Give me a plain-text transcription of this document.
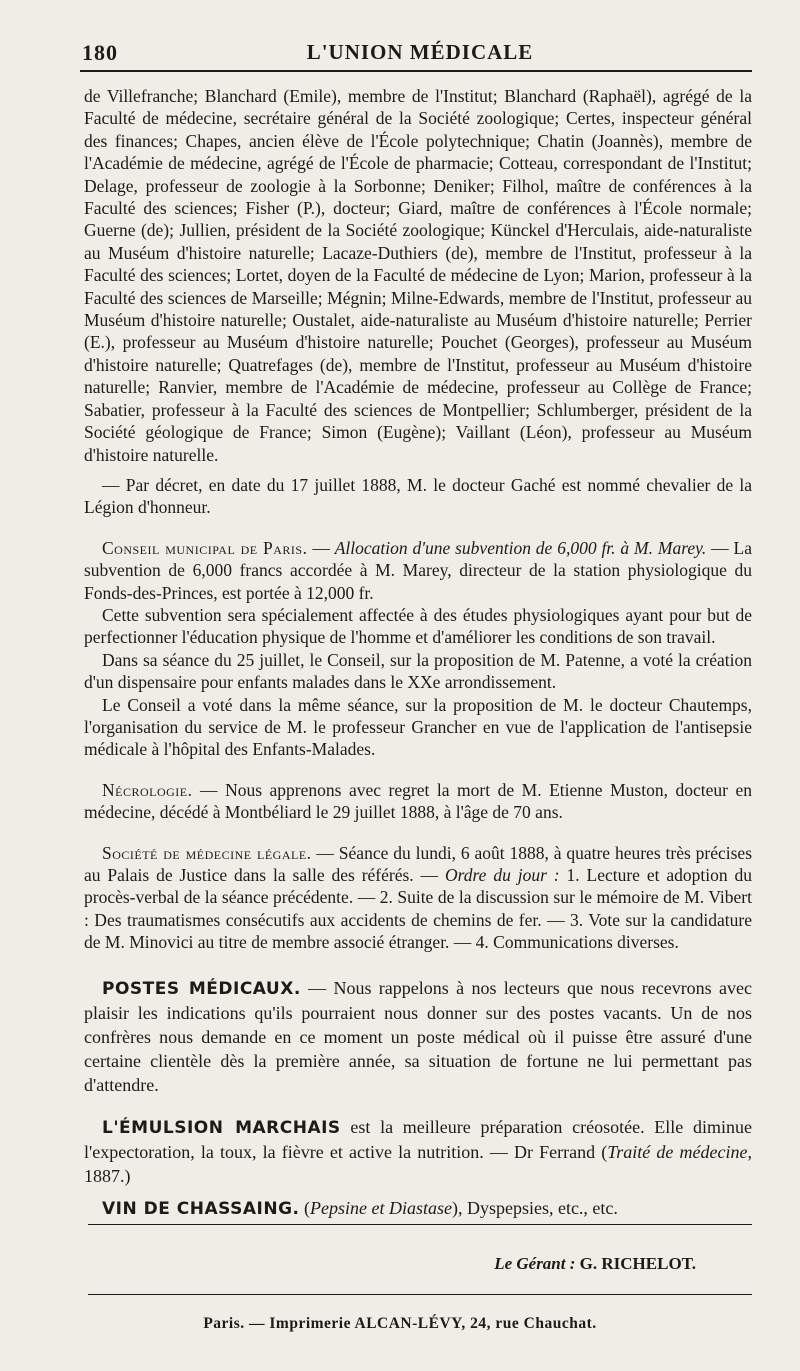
180	L'UNION MÉDICALE

de Villefranche; Blanchard (Emile), membre de l'Institut; Blanchard (Raphaël), agrégé de la Faculté de médecine, secrétaire général de la Société zoologique; Certes, inspecteur général des finances; Chapes, ancien élève de l'École polytechnique; Chatin (Joannès), membre de l'Académie de médecine, agrégé de l'École de pharmacie; Cotteau, correspondant de l'Institut; Delage, professeur de zoologie à la Sorbonne; Deniker; Filhol, maître de conférences à la Faculté des sciences; Fisher (P.), docteur; Giard, maître de conférences à l'École normale; Guerne (de); Jullien, président de la Société zoologique; Künckel d'Herculais, aide-naturaliste au Muséum d'histoire naturelle; Lacaze-Duthiers (de), membre de l'Institut, professeur à la Faculté des sciences; Lortet, doyen de la Faculté de médecine de Lyon; Marion, professeur à la Faculté des sciences de Marseille; Mégnin; Milne-Edwards, membre de l'Institut, professeur au Muséum d'histoire naturelle; Oustalet, aide-naturaliste au Muséum d'histoire naturelle; Perrier (E.), professeur au Muséum d'histoire naturelle; Pouchet (Georges), professeur au Muséum d'histoire naturelle; Quatrefages (de), membre de l'Institut, professeur au Muséum d'histoire naturelle; Ranvier, membre de l'Académie de médecine, professeur au Collège de France; Sabatier, professeur à la Faculté des sciences de Montpellier; Schlumberger, président de la Société géologique de France; Simon (Eugène); Vaillant (Léon), professeur au Muséum d'histoire naturelle.

— Par décret, en date du 17 juillet 1888, M. le docteur Gaché est nommé chevalier de la Légion d'honneur.

Conseil municipal de Paris. — Allocation d'une subvention de 6,000 fr. à M. Marey. — La subvention de 6,000 francs accordée à M. Marey, directeur de la station physiologique du Fonds-des-Princes, est portée à 12,000 fr.

Cette subvention sera spécialement affectée à des études physiologiques ayant pour but de perfectionner l'éducation physique de l'homme et d'améliorer les conditions de son travail.

Dans sa séance du 25 juillet, le Conseil, sur la proposition de M. Patenne, a voté la création d'un dispensaire pour enfants malades dans le XXe arrondissement.

Le Conseil a voté dans la même séance, sur la proposition de M. le docteur Chautemps, l'organisation du service de M. le professeur Grancher en vue de l'application de l'antisepsie médicale à l'hôpital des Enfants-Malades.

Nécrologie. — Nous apprenons avec regret la mort de M. Etienne Muston, docteur en médecine, décédé à Montbéliard le 29 juillet 1888, à l'âge de 70 ans.

Société de médecine légale. — Séance du lundi, 6 août 1888, à quatre heures très précises au Palais de Justice dans la salle des référés. — Ordre du jour : 1. Lecture et adoption du procès-verbal de la séance précédente. — 2. Suite de la discussion sur le mémoire de M. Vibert : Des traumatismes consécutifs aux accidents de chemins de fer. — 3. Vote sur la candidature de M. Minovici au titre de membre associé étranger. — 4. Communications diverses.

POSTES MÉDICAUX. — Nous rappelons à nos lecteurs que nous recevrons avec plaisir les indications qu'ils pourraient nous donner sur des postes vacants. Un de nos confrères nous demande en ce moment un poste médical où il puisse être assuré d'une certaine clientèle dès la première année, sa situation de fortune ne lui permettant pas d'attendre.

L'ÉMULSION MARCHAIS est la meilleure préparation créosotée. Elle diminue l'expectoration, la toux, la fièvre et active la nutrition. — Dr Ferrand (Traité de médecine, 1887.)

VIN DE CHASSAING. (Pepsine et Diastase), Dyspepsies, etc., etc.

Le Gérant : G. RICHELOT.
Paris. — Imprimerie ALCAN-LÉVY, 24, rue Chauchat.
